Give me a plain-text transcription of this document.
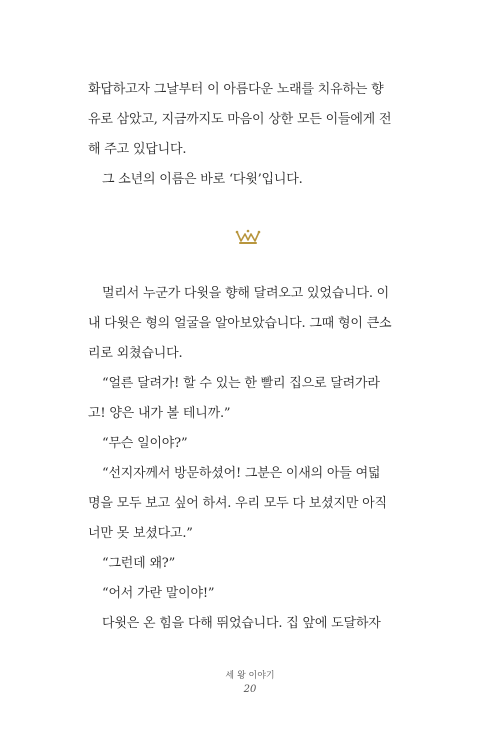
화답하고자 그날부터 이 아름다운 노래를 치유하는 향
유로 삼았고, 지금까지도 마음이 상한 모든 이들에게 전
해 주고 있답니다.
그 소년의 이름은 바로 ‘다윗’입니다.
멀리서 누군가 다윗을 향해 달려오고 있었습니다. 이
내 다윗은 형의 얼굴을 알아보았습니다. 그때 형이 큰소
리로 외쳤습니다.
“얼른 달려가! 할 수 있는 한 빨리 집으로 달려가라
고! 양은 내가 볼 테니까.”
“무슨 일이야?”
“선지자께서 방문하셨어! 그분은 이새의 아들 여덟
명을 모두 보고 싶어 하셔. 우리 모두 다 보셨지만 아직
너만 못 보셨다고.”
“그런데 왜?”
“어서 가란 말이야!”
다윗은 온 힘을 다해 뛰었습니다. 집 앞에 도달하자
세 왕 이야기
20
